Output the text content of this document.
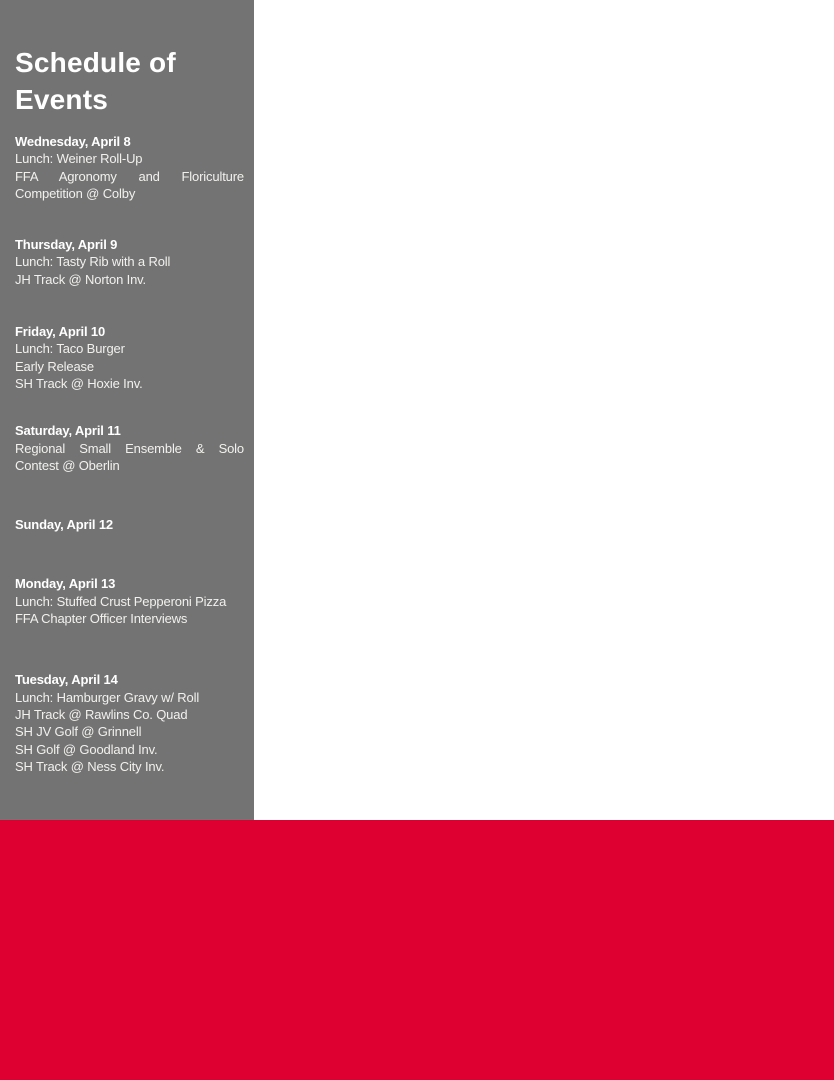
Schedule of Events
Wednesday, April 8

Lunch: Weiner Roll-Up

FFA Agronomy and Floriculture Competition @ Colby

Thursday, April 9

Lunch: Tasty Rib with a Roll

JH Track @ Norton Inv.

Friday, April 10

Lunch: Taco Burger

Early Release

SH Track @ Hoxie Inv.

Saturday, April 11

Regional Small Ensemble & Solo Contest @ Oberlin

Sunday, April 12
Monday, April 13

Lunch: Stuffed Crust Pepperoni Pizza

FFA Chapter Officer Interviews

Tuesday, April 14

Lunch: Hamburger Gravy w/ Roll

JH Track @ Rawlins Co. Quad

SH JV Golf @ Grinnell

SH Golf @ Goodland Inv.

SH Track @ Ness City Inv.
